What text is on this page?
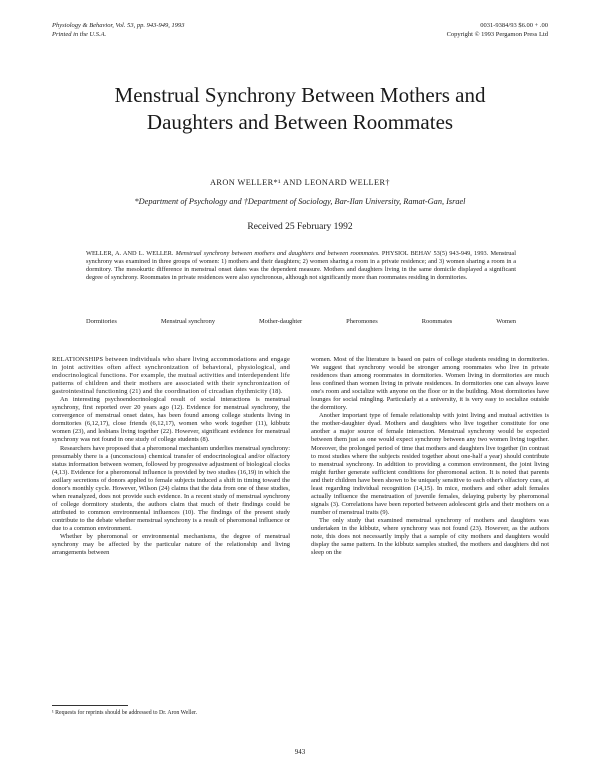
Physiology & Behavior, Vol. 53, pp. 943-949, 1993
Printed in the U.S.A.
0031-9384/93 $6.00 + .00
Copyright © 1993 Pergamon Press Ltd
Menstrual Synchrony Between Mothers and
Daughters and Between Roommates
ARON WELLER*¹ AND LEONARD WELLER†
*Department of Psychology and †Department of Sociology, Bar-Ilan University, Ramat-Gan, Israel
Received 25 February 1992

WELLER, A. AND L. WELLER. Menstrual synchrony between mothers and daughters and between roommates. PHYSIOL BEHAV 53(5) 943-949, 1993. Menstrual synchrony was examined in three groups of women: 1) mothers and their daughters; 2) women sharing a room in a private residence; and 3) women sharing a room in a dormitory. The mesokurtic difference in menstrual onset dates was the dependent measure. Mothers and daughters living in the same domicile displayed a significant degree of synchrony. Roommates in private residences were also synchronous, although not significantly more than roommates residing in dormitories.

Dormitories	Menstrual synchrony	Mother-daughter	Pheromones	Roommates	Women

RELATIONSHIPS between individuals who share living accommodations and engage in joint activities often affect synchronization of behavioral, physiological, and endocrinological functions. For example, the mutual activities and interdependent life patterns of children and their mothers are associated with their synchronization of gastrointestinal functioning (21) and the coordination of circadian rhythmicity (18).

An interesting psychoendocrinological result of social interactions is menstrual synchrony, first reported over 20 years ago (12). Evidence for menstrual synchrony, the convergence of menstrual onset dates, has been found among college students living in dormitories (6,12,17), close friends (6,12,17), women who work together (11), kibbutz women (23), and lesbians living together (22). However, significant evidence for menstrual synchrony was not found in one study of college students (8).

Researchers have proposed that a pheromonal mechanism underlies menstrual synchrony: presumably there is a (unconscious) chemical transfer of endocrinological and/or olfactory status information between women, followed by progressive adjustment of biological clocks (4,13). Evidence for a pheromonal influence is provided by two studies (16,19) in which the axillary secretions of donors applied to female subjects induced a shift in timing toward the donor's monthly cycle. However, Wilson (24) claims that the data from one of these studies, when reanalyzed, does not provide such evidence. In a recent study of menstrual synchrony of college dormitory students, the authors claim that much of their findings could be attributed to common environmental influences (10). The findings of the present study contribute to the debate whether menstrual synchrony is a result of pheromonal influence or due to a common environment.

Whether by pheromonal or environmental mechanisms, the degree of menstrual synchrony may be affected by the particular nature of the relationship and living arrangements between

women. Most of the literature is based on pairs of college students residing in dormitories. We suggest that synchrony would be stronger among roommates who live in private residences than among roommates in dormitories. Women living in dormitories are much less confined than women living in private residences. In dormitories one can always leave one's room and socialize with anyone on the floor or in the building. Most dormitories have lounges for social mingling. Particularly at a university, it is very easy to socialize outside the dormitory.

Another important type of female relationship with joint living and mutual activities is the mother-daughter dyad. Mothers and daughters who live together constitute for one another a major source of female interaction. Menstrual synchrony would be expected between them just as one would expect synchrony between any two women living together. Moreover, the prolonged period of time that mothers and daughters live together (in contrast to most studies where the subjects resided together about one-half a year) should contribute to menstrual synchrony. In addition to providing a common environment, the joint living might further generate sufficient conditions for pheromonal action. It is noted that parents and their children have been shown to be uniquely sensitive to each other's olfactory cues, at least regarding individual recognition (14,15). In mice, mothers and other adult females actually influence the menstruation of juvenile females, delaying puberty by pheromonal signals (3). Correlations have been reported between adolescent girls and their mothers on a number of menstrual traits (9).

The only study that examined menstrual synchrony of mothers and daughters was undertaken in the kibbutz, where synchrony was not found (23). However, as the authors note, this does not necessarily imply that a sample of city mothers and daughters would display the same pattern. In the kibbutz samples studied, the mothers and daughters did not sleep on the

¹ Requests for reprints should be addressed to Dr. Aron Weller.
943
